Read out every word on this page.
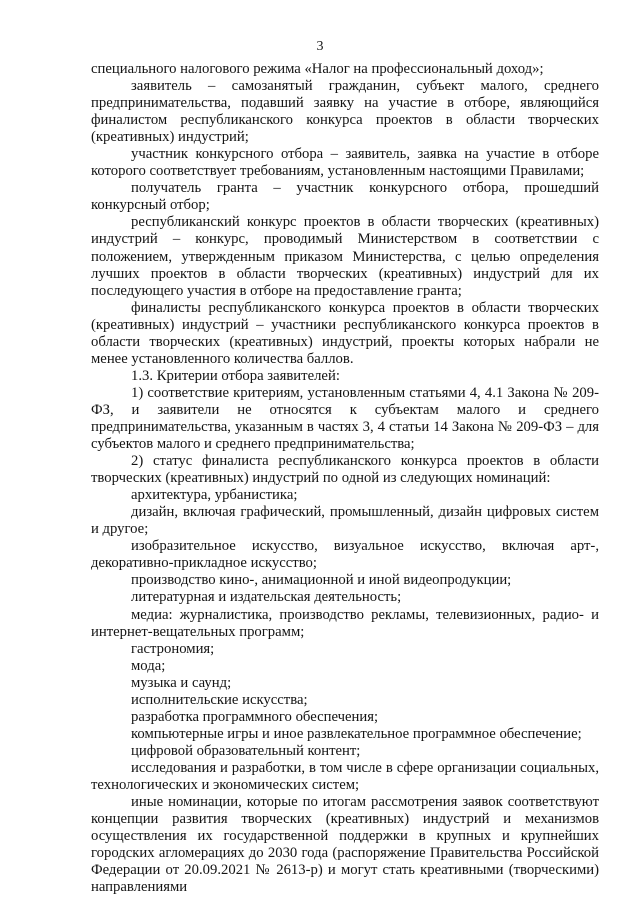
3

специального налогового режима «Налог на профессиональный доход»;

заявитель – самозанятый гражданин, субъект малого, среднего предпринимательства, подавший заявку на участие в отборе, являющийся финалистом республиканского конкурса проектов в области творческих (креативных) индустрий;

участник конкурсного отбора – заявитель, заявка на участие в отборе которого соответствует требованиям, установленным настоящими Правилами;

получатель гранта – участник конкурсного отбора, прошедший конкурсный отбор;

республиканский конкурс проектов в области творческих (креативных) индустрий – конкурс, проводимый Министерством в соответствии с положением, утвержденным приказом Министерства, с целью определения лучших проектов в области творческих (креативных) индустрий для их последующего участия в отборе на предоставление гранта;

финалисты республиканского конкурса проектов в области творческих (креативных) индустрий – участники республиканского конкурса проектов в области творческих (креативных) индустрий, проекты которых набрали не менее установленного количества баллов.

1.3. Критерии отбора заявителей:

1) соответствие критериям, установленным статьями 4, 4.1 Закона № 209-ФЗ, и заявители не относятся к субъектам малого и среднего предпринимательства, указанным в частях 3, 4 статьи 14 Закона № 209-ФЗ – для субъектов малого и среднего предпринимательства;

2) статус финалиста республиканского конкурса проектов в области творческих (креативных) индустрий по одной из следующих номинаций:

архитектура, урбанистика;

дизайн, включая графический, промышленный, дизайн цифровых систем и другое;

изобразительное искусство, визуальное искусство, включая арт-, декоративно-прикладное искусство;

производство кино-, анимационной и иной видеопродукции;

литературная и издательская деятельность;

медиа: журналистика, производство рекламы, телевизионных, радио- и интернет-вещательных программ;

гастрономия;

мода;

музыка и саунд;

исполнительские искусства;

разработка программного обеспечения;

компьютерные игры и иное развлекательное программное обеспечение;

цифровой образовательный контент;

исследования и разработки, в том числе в сфере организации социальных, технологических и экономических систем;

иные номинации, которые по итогам рассмотрения заявок соответствуют концепции развития творческих (креативных) индустрий и механизмов осуществления их государственной поддержки в крупных и крупнейших городских агломерациях до 2030 года (распоряжение Правительства Российской Федерации от 20.09.2021 № 2613-р) и могут стать креативными (творческими) направлениями
